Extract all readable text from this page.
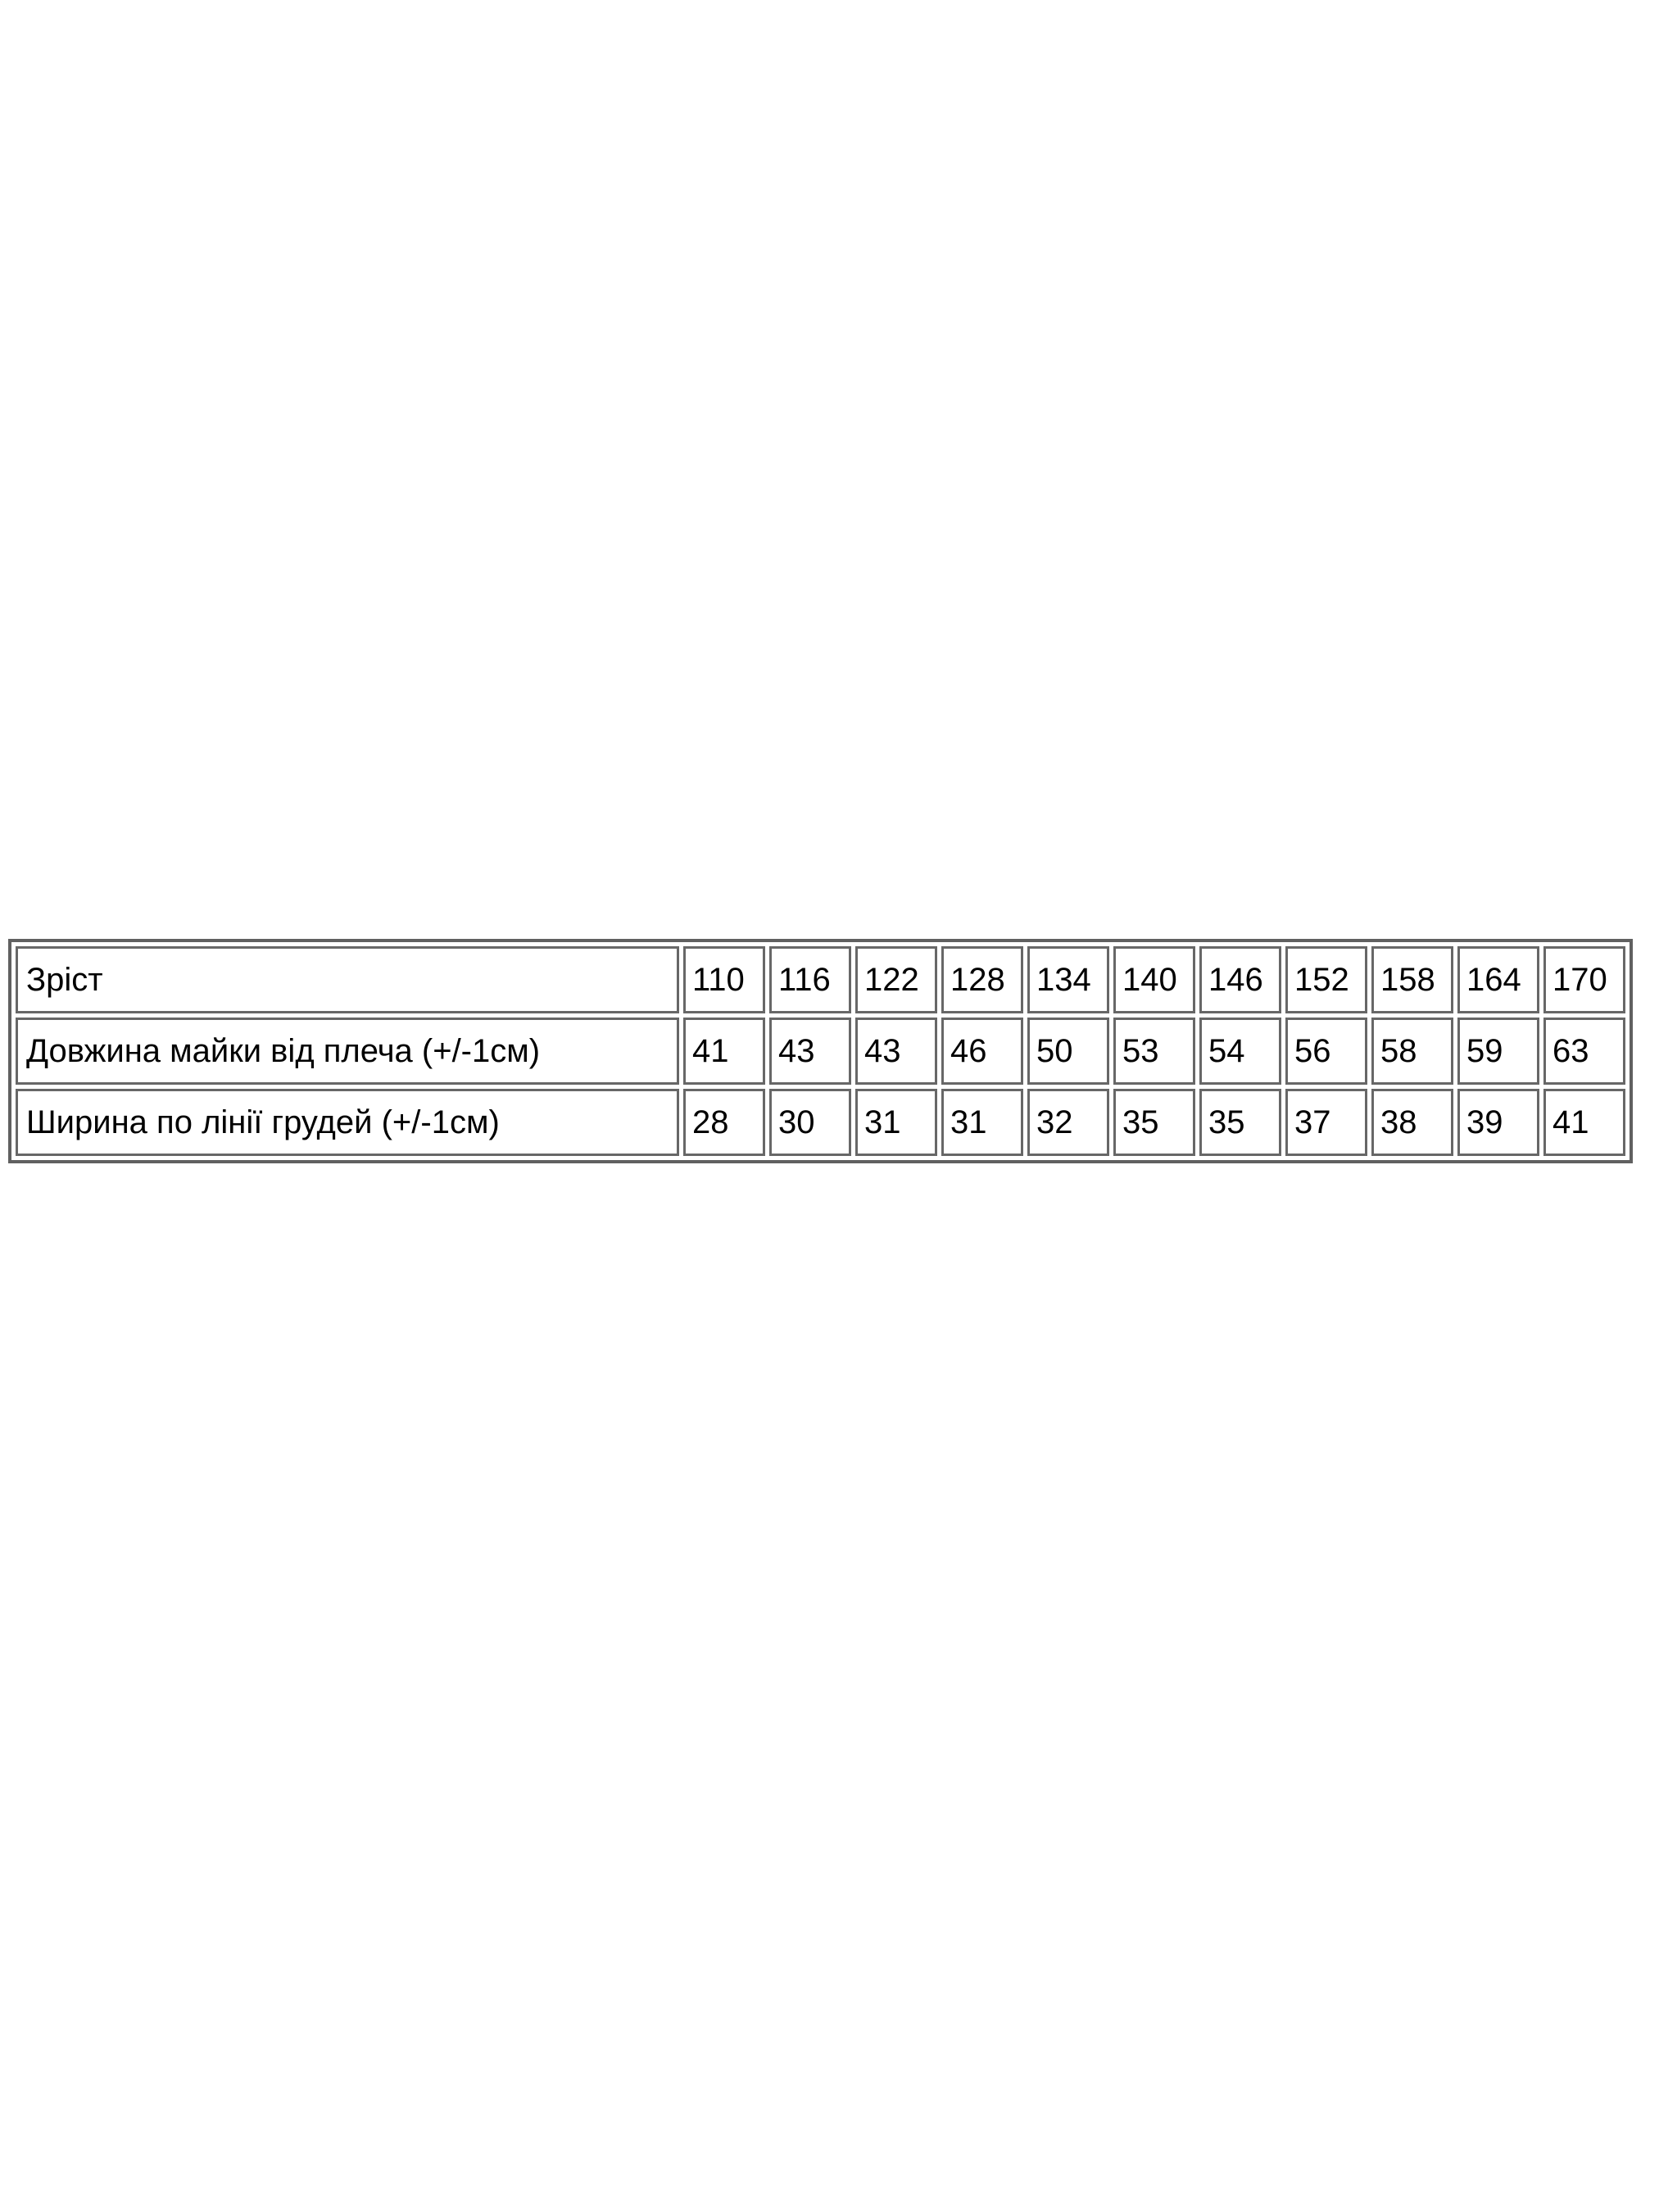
Зріст	110	116	122	128	134	140	146	152	158	164	170
Довжина майки від плеча (+/-1см)	41	43	43	46	50	53	54	56	58	59	63
Ширина по лінії грудей (+/-1см)	28	30	31	31	32	35	35	37	38	39	41
